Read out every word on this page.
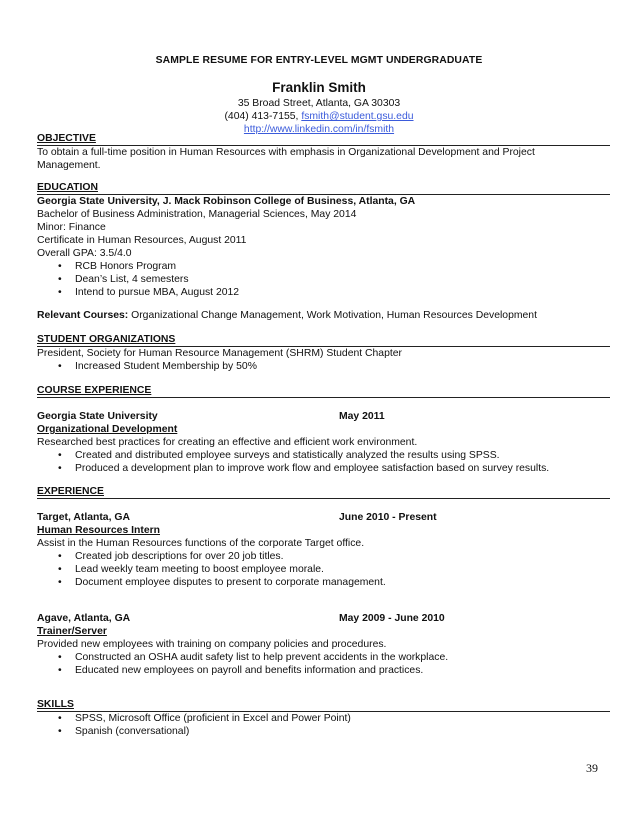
SAMPLE RESUME FOR ENTRY-LEVEL MGMT UNDERGRADUATE
Franklin Smith
35 Broad Street, Atlanta, GA 30303
(404) 413-7155, fsmith@student.gsu.edu
http://www.linkedin.com/in/fsmith
OBJECTIVE
To obtain a full-time position in Human Resources with emphasis in Organizational Development and Project Management.
EDUCATION
Georgia State University, J. Mack Robinson College of Business, Atlanta, GA
Bachelor of Business Administration, Managerial Sciences, May 2014
Minor: Finance
Certificate in Human Resources, August 2011
Overall GPA: 3.5/4.0
• RCB Honors Program
• Dean’s List, 4 semesters
• Intend to pursue MBA, August 2012
Relevant Courses: Organizational Change Management, Work Motivation, Human Resources Development
STUDENT ORGANIZATIONS
President, Society for Human Resource Management (SHRM) Student Chapter
• Increased Student Membership by 50%
COURSE EXPERIENCE
Georgia State University	May 2011
Organizational Development
Researched best practices for creating an effective and efficient work environment.
• Created and distributed employee surveys and statistically analyzed the results using SPSS.
• Produced a development plan to improve work flow and employee satisfaction based on survey results.
EXPERIENCE
Target, Atlanta, GA	June 2010 - Present
Human Resources Intern
Assist in the Human Resources functions of the corporate Target office.
• Created job descriptions for over 20 job titles.
• Lead weekly team meeting to boost employee morale.
• Document employee disputes to present to corporate management.
Agave, Atlanta, GA	May 2009 - June 2010
Trainer/Server
Provided new employees with training on company policies and procedures.
• Constructed an OSHA audit safety list to help prevent accidents in the workplace.
• Educated new employees on payroll and benefits information and practices.
SKILLS
• SPSS, Microsoft Office (proficient in Excel and Power Point)
• Spanish (conversational)
39
